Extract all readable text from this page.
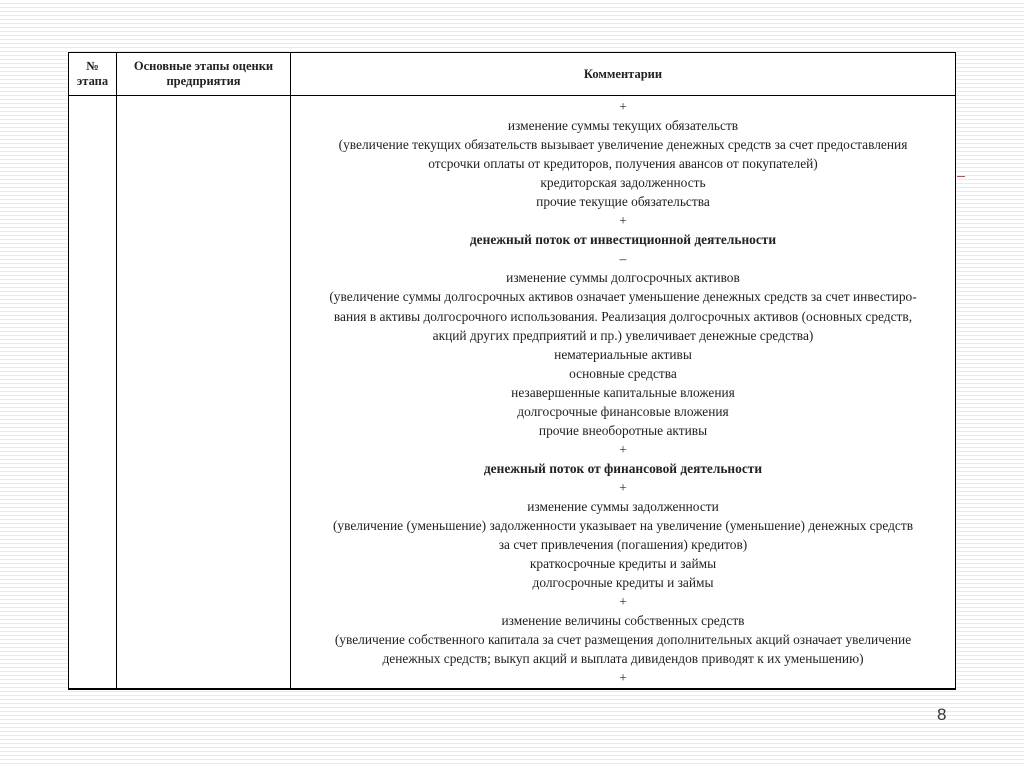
№
этапа
Основные этапы оценки
предприятия
Комментарии
+
изменение суммы текущих обязательств
(увеличение текущих обязательств вызывает увеличение денежных средств за счет предоставления
отсрочки оплаты от кредиторов, получения авансов от покупателей)
кредиторская задолженность
прочие текущие обязательства
+
денежный поток от инвестиционной деятельности
–
изменение суммы долгосрочных активов
(увеличение суммы долгосрочных активов означает уменьшение денежных средств за счет инвестиро-
вания в активы долгосрочного использования. Реализация долгосрочных активов (основных средств,
акций других предприятий и пр.) увеличивает денежные средства)
нематериальные активы
основные средства
незавершенные капитальные вложения
долгосрочные финансовые вложения
прочие внеоборотные активы
+
денежный поток от финансовой деятельности
+
изменение суммы задолженности
(увеличение (уменьшение) задолженности указывает на увеличение (уменьшение) денежных средств
за счет привлечения (погашения) кредитов)
краткосрочные кредиты и займы
долгосрочные кредиты и займы
+
изменение величины собственных средств
(увеличение собственного капитала за счет размещения дополнительных акций означает увеличение
денежных средств; выкуп акций и выплата дивидендов приводят к их уменьшению)
+
8
